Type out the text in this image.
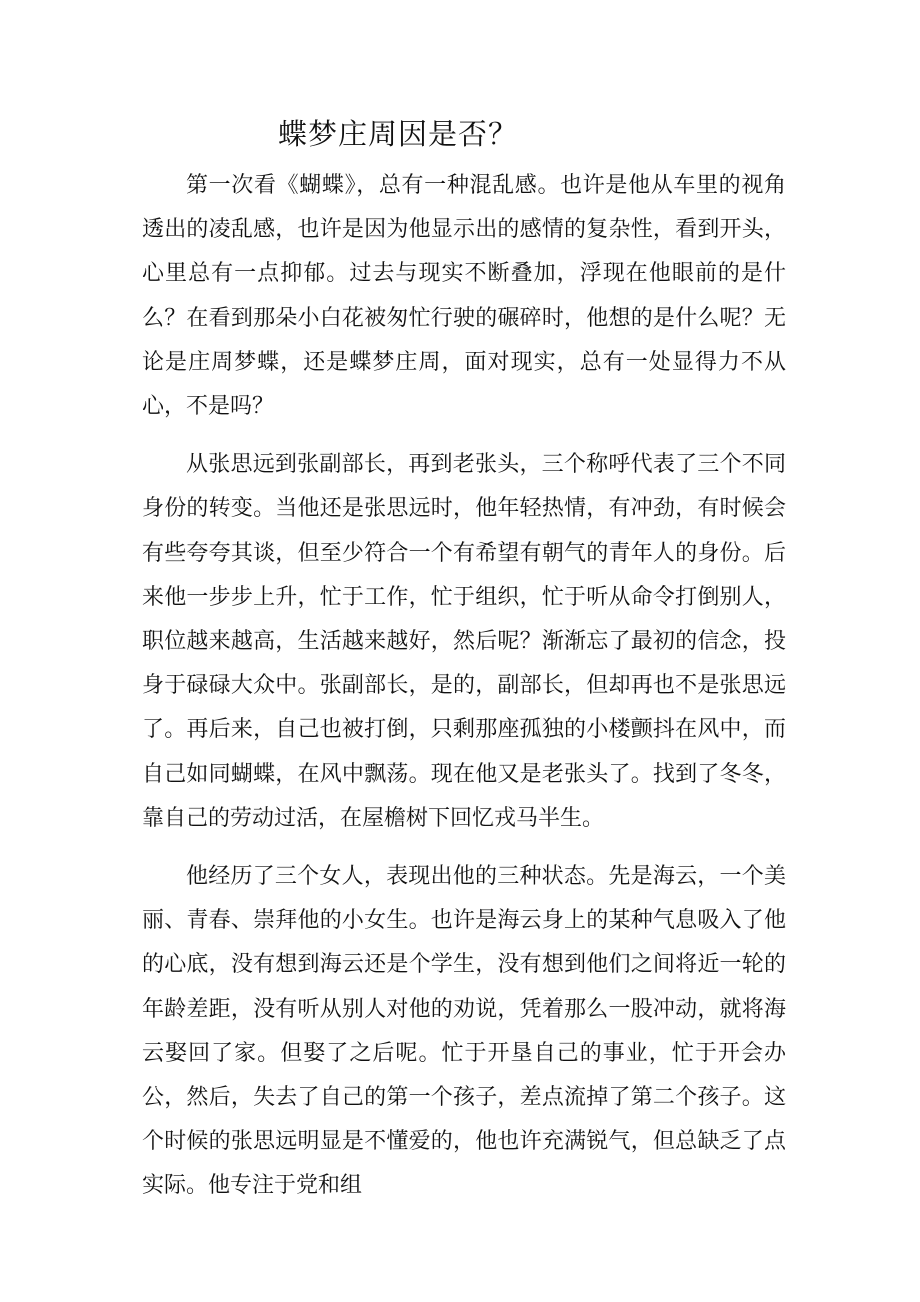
蝶梦庄周因是否？

第一次看《蝴蝶》，总有一种混乱感。也许是他从车里的视角透出的凌乱感，也许是因为他显示出的感情的复杂性，看到开头，心里总有一点抑郁。过去与现实不断叠加，浮现在他眼前的是什么？在看到那朵小白花被匆忙行驶的碾碎时，他想的是什么呢？无论是庄周梦蝶，还是蝶梦庄周，面对现实，总有一处显得力不从心，不是吗？

从张思远到张副部长，再到老张头，三个称呼代表了三个不同身份的转变。当他还是张思远时，他年轻热情，有冲劲，有时候会有些夸夸其谈，但至少符合一个有希望有朝气的青年人的身份。后来他一步步上升，忙于工作，忙于组织，忙于听从命令打倒别人，职位越来越高，生活越来越好，然后呢？渐渐忘了最初的信念，投身于碌碌大众中。张副部长，是的，副部长，但却再也不是张思远了。再后来，自己也被打倒，只剩那座孤独的小楼颤抖在风中，而自己如同蝴蝶，在风中飘荡。现在他又是老张头了。找到了冬冬，靠自己的劳动过活，在屋檐树下回忆戎马半生。

他经历了三个女人，表现出他的三种状态。先是海云，一个美丽、青春、崇拜他的小女生。也许是海云身上的某种气息吸入了他的心底，没有想到海云还是个学生，没有想到他们之间将近一轮的年龄差距，没有听从别人对他的劝说，凭着那么一股冲动，就将海云娶回了家。但娶了之后呢。忙于开垦自己的事业，忙于开会办公，然后，失去了自己的第一个孩子，差点流掉了第二个孩子。这个时候的张思远明显是不懂爱的，他也许充满锐气，但总缺乏了点实际。他专注于党和组
